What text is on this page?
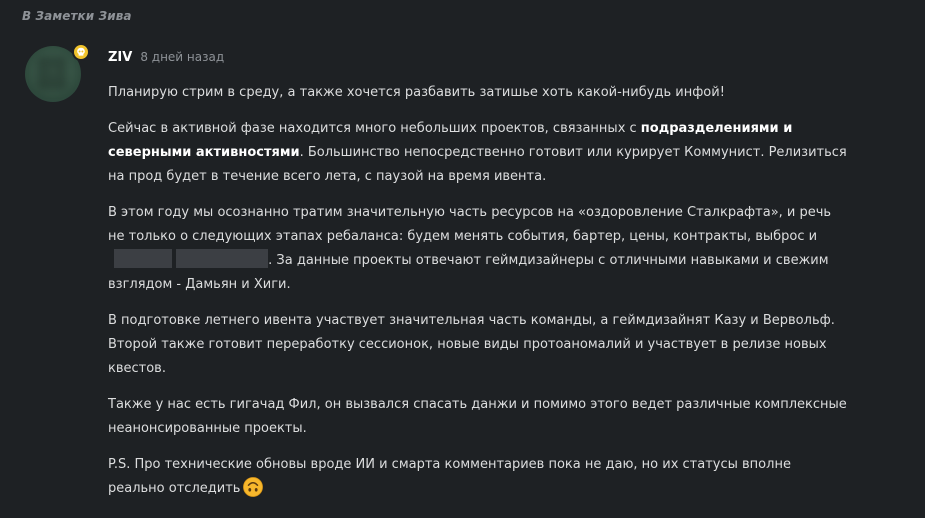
В Заметки Зива
ZIV 8 дней назад

Планирую стрим в среду, а также хочется разбавить затишье хоть какой-нибудь инфой!

Сейчас в активной фазе находится много небольших проектов, связанных с подразделениями и северными активностями. Большинство непосредственно готовит или курирует Коммунист. Релизиться на прод будет в течение всего лета, с паузой на время ивента.

В этом году мы осознанно тратим значительную часть ресурсов на «оздоровление Сталкрафта», и речь не только о следующих этапах ребаланса: будем менять события, бартер, цены, контракты, выброс и . За данные проекты отвечают геймдизайнеры с отличными навыками и свежим взглядом - Дамьян и Хиги.

В подготовке летнего ивента участвует значительная часть команды, а геймдизайнят Казу и Вервольф. Второй также готовит переработку сессионок, новые виды протоаномалий и участвует в релизе новых квестов.

Также у нас есть гигачад Фил, он вызвался спасать данжи и помимо этого ведет различные комплексные неанонсированные проекты.

P.S. Про технические обновы вроде ИИ и смарта комментариев пока не даю, но их статусы вполне реально отследить
